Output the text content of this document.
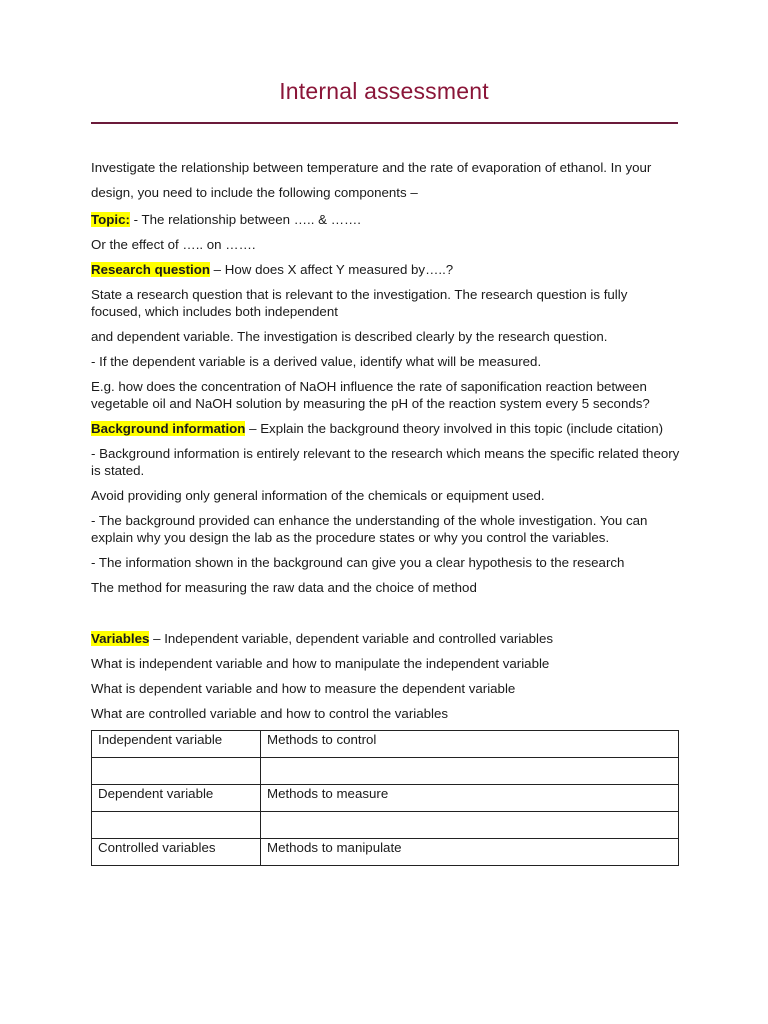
Internal assessment

Investigate the relationship between temperature and the rate of evaporation of ethanol. In your design, you need to include the following components –

Topic: - The relationship between ….. & …….

Or the effect of ….. on …….

Research question – How does X affect Y measured by…..?

State a research question that is relevant to the investigation. The research question is fully focused, which includes both independent

and dependent variable. The investigation is described clearly by the research question.

- If the dependent variable is a derived value, identify what will be measured.

E.g. how does the concentration of NaOH influence the rate of saponification reaction between vegetable oil and NaOH solution by measuring the pH of the reaction system every 5 seconds?

Background information – Explain the background theory involved in this topic (include citation)

- Background information is entirely relevant to the research which means the specific related theory is stated.

Avoid providing only general information of the chemicals or equipment used.

- The background provided can enhance the understanding of the whole investigation. You can explain why you design the lab as the procedure states or why you control the variables.

- The information shown in the background can give you a clear hypothesis to the research

The method for measuring the raw data and the choice of method

Variables – Independent variable, dependent variable and controlled variables

What is independent variable and how to manipulate the independent variable

What is dependent variable and how to measure the dependent variable

What are controlled variable and how to control the variables

Independent variable	Methods to control

Dependent variable	Methods to measure

Controlled variables	Methods to manipulate
